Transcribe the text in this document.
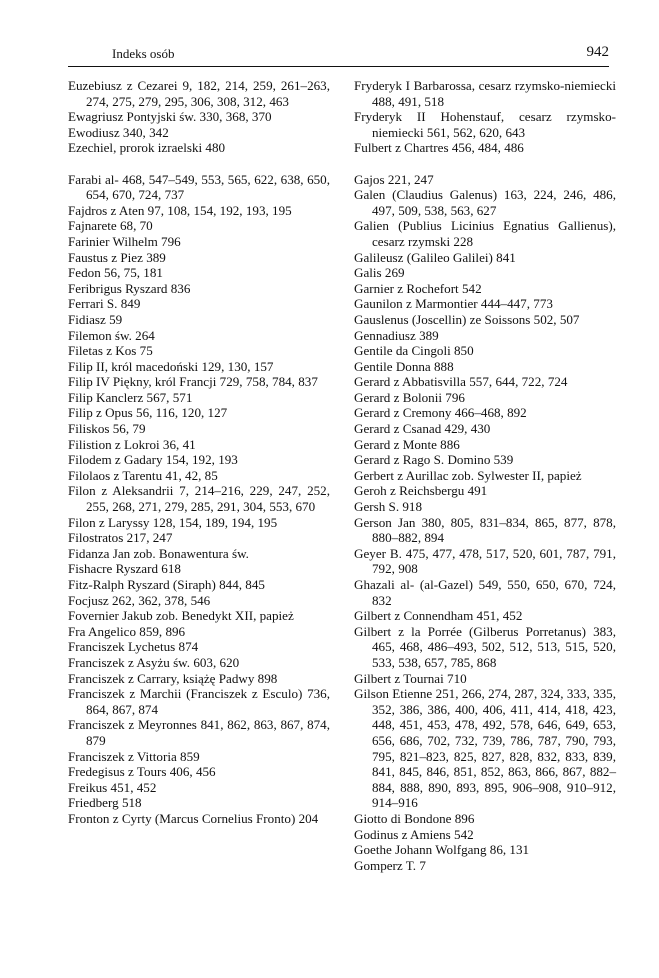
Indeks osób	942
Euzebiusz z Cezarei 9, 182, 214, 259, 261–263, 274, 275, 279, 295, 306, 308, 312, 463
Ewagriusz Pontyjski św. 330, 368, 370
Ewodiusz 340, 342
Ezechiel, prorok izraelski 480
Farabi al- 468, 547–549, 553, 565, 622, 638, 650, 654, 670, 724, 737
Fajdros z Aten 97, 108, 154, 192, 193, 195
Fajnarete 68, 70
Farinier Wilhelm 796
Faustus z Piez 389
Fedon 56, 75, 181
Feribrigus Ryszard 836
Ferrari S. 849
Fidiasz 59
Filemon św. 264
Filetas z Kos 75
Filip II, król macedoński 129, 130, 157
Filip IV Piękny, król Francji 729, 758, 784, 837
Filip Kanclerz 567, 571
Filip z Opus 56, 116, 120, 127
Filiskos 56, 79
Filistion z Lokroi 36, 41
Filodem z Gadary 154, 192, 193
Filolaos z Tarentu 41, 42, 85
Filon z Aleksandrii 7, 214–216, 229, 247, 252, 255, 268, 271, 279, 285, 291, 304, 553, 670
Filon z Laryssy 128, 154, 189, 194, 195
Filostratos 217, 247
Fidanza Jan zob. Bonawentura św.
Fishacre Ryszard 618
Fitz-Ralph Ryszard (Siraph) 844, 845
Focjusz 262, 362, 378, 546
Fovernier Jakub zob. Benedykt XII, papież
Fra Angelico 859, 896
Franciszek Lychetus 874
Franciszek z Asyżu św. 603, 620
Franciszek z Carrary, książę Padwy 898
Franciszek z Marchii (Franciszek z Esculo) 736, 864, 867, 874
Franciszek z Meyronnes 841, 862, 863, 867, 874, 879
Franciszek z Vittoria 859
Fredegisus z Tours 406, 456
Freikus 451, 452
Friedberg 518
Fronton z Cyrty (Marcus Cornelius Fronto) 204
Fryderyk I Barbarossa, cesarz rzymsko-niemiecki 488, 491, 518
Fryderyk II Hohenstauf, cesarz rzymsko-niemiecki 561, 562, 620, 643
Fulbert z Chartres 456, 484, 486
Gajos 221, 247
Galen (Claudius Galenus) 163, 224, 246, 486, 497, 509, 538, 563, 627
Galien (Publius Licinius Egnatius Gallienus), cesarz rzymski 228
Galileusz (Galileo Galilei) 841
Galis 269
Garnier z Rochefort 542
Gaunilon z Marmontier 444–447, 773
Gauslenus (Joscellin) ze Soissons 502, 507
Gennadiusz 389
Gentile da Cingoli 850
Gentile Donna 888
Gerard z Abbatisvilla 557, 644, 722, 724
Gerard z Bolonii 796
Gerard z Cremony 466–468, 892
Gerard z Csanad 429, 430
Gerard z Monte 886
Gerard z Rago S. Domino 539
Gerbert z Aurillac zob. Sylwester II, papież
Geroh z Reichsbergu 491
Gersh S. 918
Gerson Jan 380, 805, 831–834, 865, 877, 878, 880–882, 894
Geyer B. 475, 477, 478, 517, 520, 601, 787, 791, 792, 908
Ghazali al- (al-Gazel) 549, 550, 650, 670, 724, 832
Gilbert z Connendham 451, 452
Gilbert z la Porrée (Gilberus Porretanus) 383, 465, 468, 486–493, 502, 512, 513, 515, 520, 533, 538, 657, 785, 868
Gilbert z Tournai 710
Gilson Etienne 251, 266, 274, 287, 324, 333, 335, 352, 386, 386, 400, 406, 411, 414, 418, 423, 448, 451, 453, 478, 492, 578, 646, 649, 653, 656, 686, 702, 732, 739, 786, 787, 790, 793, 795, 821–823, 825, 827, 828, 832, 833, 839, 841, 845, 846, 851, 852, 863, 866, 867, 882–884, 888, 890, 893, 895, 906–908, 910–912, 914–916
Giotto di Bondone 896
Godinus z Amiens 542
Goethe Johann Wolfgang 86, 131
Gomperz T. 7
